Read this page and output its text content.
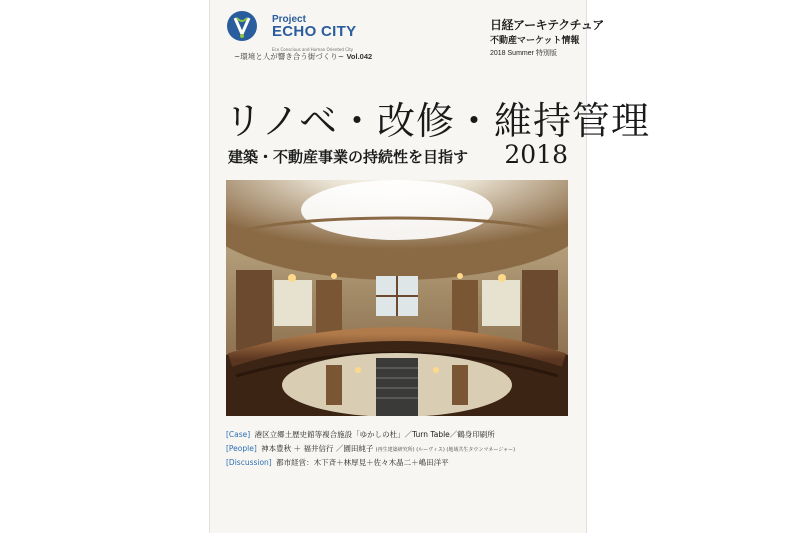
Project
ECHO CITY
Eco Conscious and Human Oriented City
~環境と人が響き合う街づくり~ Vol.042
日経アーキテクチュア
不動産マーケット情報
2018 Summer 特別版
リノベ・改修・維持管理
建築・不動産事業の持続性を目指す 2018
[Case] 港区立郷土歴史館等複合施設「ゆかしの杜」／Turn Table／鶴身印刷所
[People] 神本豊秋 ＋ 福井信行 ／園田純子 (再生建築研究所) (ルーヴィス) (地域共生タウンマネージャー)
[Discussion] 都市経営：木下斉＋林厚見＋佐々木晶二＋嶋田洋平
